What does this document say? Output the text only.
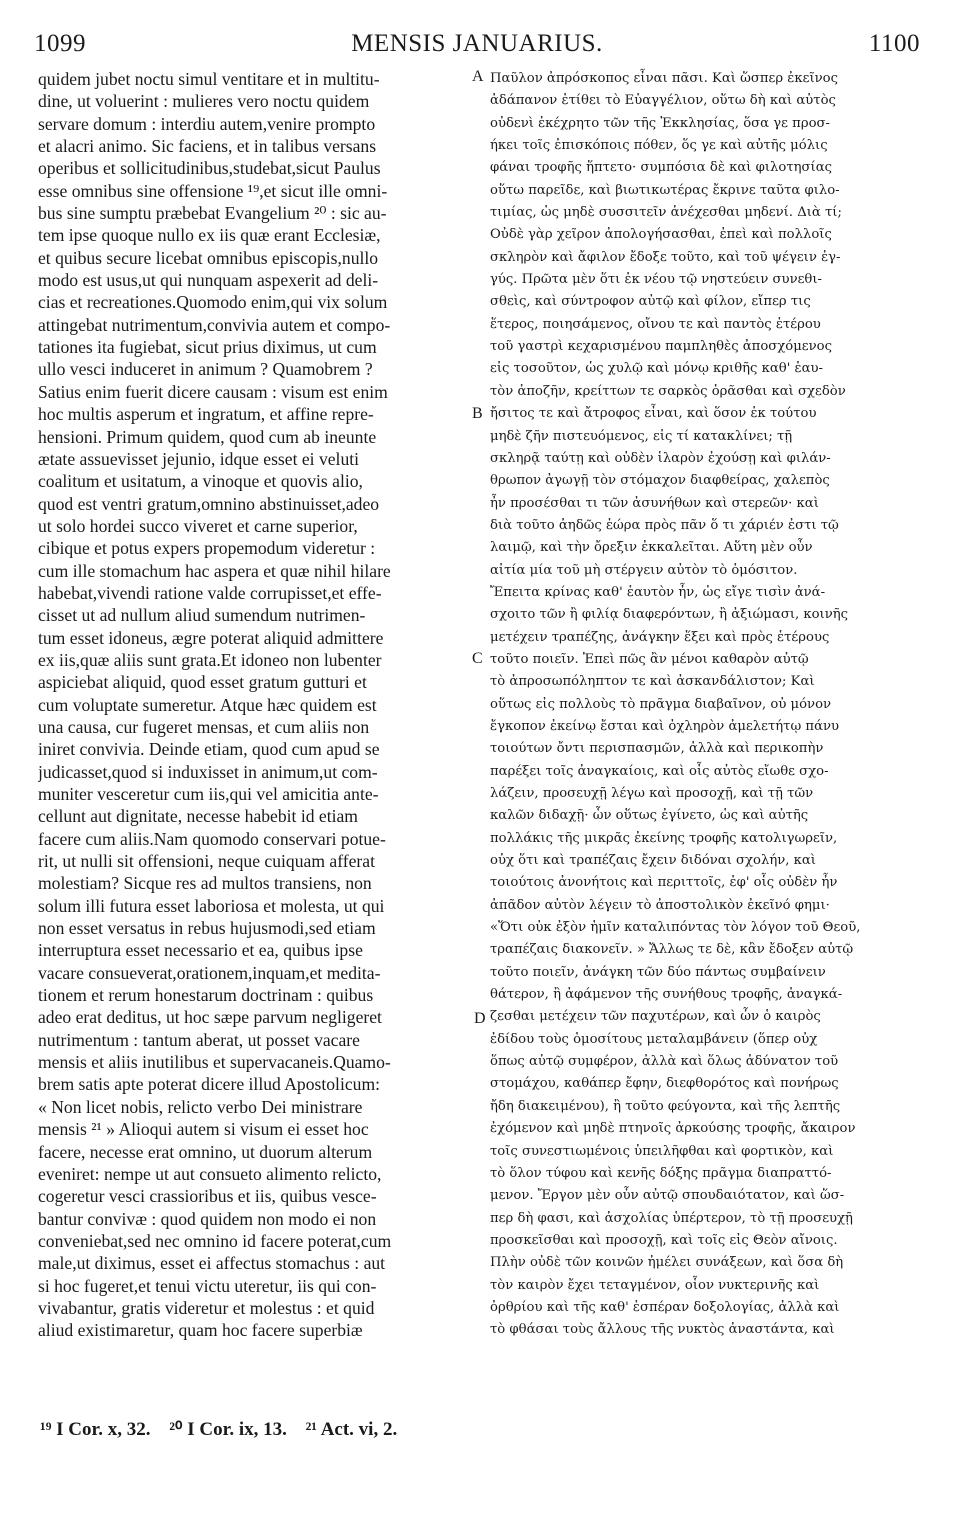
1099	MENSIS JANUARIUS.	1100
quidem jubet noctu simul ventitare et in multitu-
dine, ut voluerint : mulieres vero noctu quidem
servare domum : interdiu autem,venire prompto
et alacri animo. Sic faciens, et in talibus versans
operibus et sollicitudinibus,studebat,sicut Paulus
esse omnibus sine offensione ¹⁹,et sicut ille omni-
bus sine sumptu præbebat Evangelium ²⁰ : sic au-
tem ipse quoque nullo ex iis quæ erant Ecclesiæ,
et quibus secure licebat omnibus episcopis,nullo
modo est usus,ut qui nunquam aspexerit ad deli-
cias et recreationes.Quomodo enim,qui vix solum
attingebat nutrimentum,convivia autem et compo-
tationes ita fugiebat, sicut prius diximus, ut cum
ullo vesci induceret in animum ? Quamobrem ?
Satius enim fuerit dicere causam : visum est enim
hoc multis asperum et ingratum, et affine repre-
hensioni. Primum quidem, quod cum ab ineunte
ætate assuevisset jejunio, idque esset ei veluti
coalitum et usitatum, a vinoque et quovis alio,
quod est ventri gratum,omnino abstinuisset,adeo
ut solo hordei succo viveret et carne superior,
cibique et potus expers propemodum videretur :
cum ille stomachum hac aspera et quæ nihil hilare
habebat,vivendi ratione valde corrupisset,et effe-
cisset ut ad nullum aliud sumendum nutrimen-
tum esset idoneus, ægre poterat aliquid admittere
ex iis,quæ aliis sunt grata.Et idoneo non lubenter
aspiciebat aliquid, quod esset gratum gutturi et
cum voluptate sumeretur. Atque hæc quidem est
una causa, cur fugeret mensas, et cum aliis non
iniret convivia. Deinde etiam, quod cum apud se
judicasset,quod si induxisset in animum,ut com-
muniter vesceretur cum iis,qui vel amicitia ante-
cellunt aut dignitate, necesse habebit id etiam
facere cum aliis.Nam quomodo conservari potue-
rit, ut nulli sit offensioni, neque cuiquam afferat
molestiam? Sicque res ad multos transiens, non
solum illi futura esset laboriosa et molesta, ut qui
non esset versatus in rebus hujusmodi,sed etiam
interruptura esset necessario et ea, quibus ipse
vacare consueverat,orationem,inquam,et medita-
tionem et rerum honestarum doctrinam : quibus
adeo erat deditus, ut hoc sæpe parvum negligeret
nutrimentum : tantum aberat, ut posset vacare
mensis et aliis inutilibus et supervacaneis.Quamo-
brem satis apte poterat dicere illud Apostolicum:
« Non licet nobis, relicto verbo Dei ministrare
mensis ²¹ » Alioqui autem si visum ei esset hoc
facere, necesse erat omnino, ut duorum alterum
eveniret: nempe ut aut consueto alimento relicto,
cogeretur vesci crassioribus et iis, quibus vesce-
bantur convivæ : quod quidem non modo ei non
conveniebat,sed nec omnino id facere poterat,cum
male,ut diximus, esset ei affectus stomachus : aut
si hoc fugeret,et tenui victu uteretur, iis qui con-
vivabantur, gratis videretur et molestus : et quid
aliud existimaretur, quam hoc facere superbiæ
Παῦλον ἀπρόσκοπος εἶναι πᾶσι. Καὶ ὥσπερ ἐκεῖνος
ἀδάπανον ἐτίθει τὸ Εὐαγγέλιον, οὕτω δὴ καὶ αὐτὸς
οὐδενὶ ἐκέχρητο τῶν τῆς Ἐκκλησίας, ὅσα γε προσ-
ήκει τοῖς ἐπισκόποις πόθεν, ὅς γε καὶ αὐτῆς μόλις
φάναι τροφῆς ἥπτετο· συμπόσια δὲ καὶ φιλοτησίας
οὕτω παρεῖδε, καὶ βιωτικωτέρας ἔκρινε ταῦτα φιλο-
τιμίας, ὡς μηδὲ συσσιτεῖν ἀνέχεσθαι μηδενί. Διὰ τί;
Οὐδὲ γὰρ χεῖρον ἀπολογήσασθαι, ἐπεὶ καὶ πολλοῖς
σκληρὸν καὶ ἄφιλον ἔδοξε τοῦτο, καὶ τοῦ ψέγειν ἐγ-
γύς. Πρῶτα μὲν ὅτι ἐκ νέου τῷ νηστεύειν συνεθι-
σθεὶς, καὶ σύντροφον αὐτῷ καὶ φίλον, εἴπερ τις
ἕτερος, ποιησάμενος, οἴνου τε καὶ παντὸς ἑτέρου
τοῦ γαστρὶ κεχαρισμένου παμπληθὲς ἀποσχόμενος
εἰς τοσοῦτον, ὡς χυλῷ καὶ μόνῳ κριθῆς καθ' ἑαυ-
τὸν ἀποζῆν, κρείττων τε σαρκὸς ὁρᾶσθαι καὶ σχεδὸν
ἤσιτος τε καὶ ἄτροφος εἶναι, καὶ ὅσον ἐκ τούτου
μηδὲ ζῆν πιστευόμενος, εἰς τί κατακλίνει; τῇ
σκληρᾷ ταύτῃ καὶ οὐδὲν ἱλαρὸν ἐχούσῃ καὶ φιλάν-
θρωπον ἀγωγῇ τὸν στόμαχον διαφθείρας, χαλεπὸς
ἦν προσέσθαι τι τῶν ἀσυνήθων καὶ στερεῶν· καὶ
διὰ τοῦτο ἀηδῶς ἑώρα πρὸς πᾶν ὅ τι χάριέν ἐστι τῷ
λαιμῷ, καὶ τὴν ὄρεξιν ἐκκαλεῖται. Αὕτη μὲν οὖν
αἰτία μία τοῦ μὴ στέργειν αὐτὸν τὸ ὁμόσιτον.
Ἔπειτα κρίνας καθ' ἑαυτὸν ἦν, ὡς εἴγε τισὶν ἀνά-
σχοιτο τῶν ἢ φιλίᾳ διαφερόντων, ἢ ἀξιώμασι, κοινῆς
μετέχειν τραπέζης, ἀνάγκην ἕξει καὶ πρὸς ἑτέρους
τοῦτο ποιεῖν. Ἐπεὶ πῶς ἂν μένοι καθαρὸν αὐτῷ
τὸ ἀπροσωπόληπτον τε καὶ ἀσκανδάλιστον; Καὶ
οὕτως εἰς πολλοὺς τὸ πρᾶγμα διαβαῖνον, οὐ μόνον
ἔγκοπον ἐκείνῳ ἔσται καὶ ὀχληρὸν ἀμελετήτῳ πάνυ
τοιούτων ὄντι περισπασμῶν, ἀλλὰ καὶ περικοπὴν
παρέξει τοῖς ἀναγκαίοις, καὶ οἷς αὐτὸς εἴωθε σχο-
λάζειν, προσευχῇ λέγω καὶ προσοχῇ, καὶ τῇ τῶν
καλῶν διδαχῇ· ὧν οὕτως ἐγίνετο, ὡς καὶ αὐτῆς
πολλάκις τῆς μικρᾶς ἐκείνης τροφῆς κατολιγωρεῖν,
οὐχ ὅτι καὶ τραπέζαις ἔχειν διδόναι σχολήν, καὶ
τοιούτοις ἀνονήτοις καὶ περιττοῖς, ἐφ' οἷς οὐδὲν ἦν
ἀπᾶδον αὐτὸν λέγειν τὸ ἀποστολικὸν ἐκεῖνό φημι·
«Ὅτι οὐκ ἐξὸν ἡμῖν καταλιπόντας τὸν λόγον τοῦ Θεοῦ,
τραπέζαις διακονεῖν. » Ἄλλως τε δὲ, κἂν ἔδοξεν αὐτῷ
τοῦτο ποιεῖν, ἀνάγκη τῶν δύο πάντως συμβαίνειν
θάτερον, ἢ ἀφάμενον τῆς συνήθους τροφῆς, ἀναγκά-
ζεσθαι μετέχειν τῶν παχυτέρων, καὶ ὧν ὁ καιρὸς
ἐδίδου τοὺς ὁμοσίτους μεταλαμβάνειν (ὅπερ οὐχ
ὅπως αὐτῷ συμφέρον, ἀλλὰ καὶ ὅλως ἀδύνατον τοῦ
στομάχου, καθάπερ ἔφην, διεφθορότος καὶ πονήρως
ἤδη διακειμένου), ἢ τοῦτο φεύγοντα, καὶ τῆς λεπτῆς
ἐχόμενον καὶ μηδὲ πτηνοῖς ἀρκούσης τροφῆς, ἄκαιρον
τοῖς συνεστιωμένοις ὑπειλῆφθαι καὶ φορτικὸν, καὶ
τὸ ὅλον τύφου καὶ κενῆς δόξης πρᾶγμα διαπραττό-
μενον. Ἔργον μὲν οὖν αὐτῷ σπουδαιότατον, καὶ ὥσ-
περ δὴ φασι, καὶ ἀσχολίας ὑπέρτερον, τὸ τῇ προσευχῇ
προσκεῖσθαι καὶ προσοχῇ, καὶ τοῖς εἰς Θεὸν αἴνοις.
Πλὴν οὐδὲ τῶν κοινῶν ἠμέλει συνάξεων, καὶ ὅσα δὴ
τὸν καιρὸν ἔχει τεταγμένον, οἷον νυκτερινῆς καὶ
ὀρθρίου καὶ τῆς καθ' ἑσπέραν δοξολογίας, ἀλλὰ καὶ
τὸ φθάσαι τοὺς ἄλλους τῆς νυκτὸς ἀναστάντα, καὶ
A
B
C
D
¹⁹ I Cor. x, 32. ²⁰ I Cor. ix, 13. ²¹ Act. vi, 2.
